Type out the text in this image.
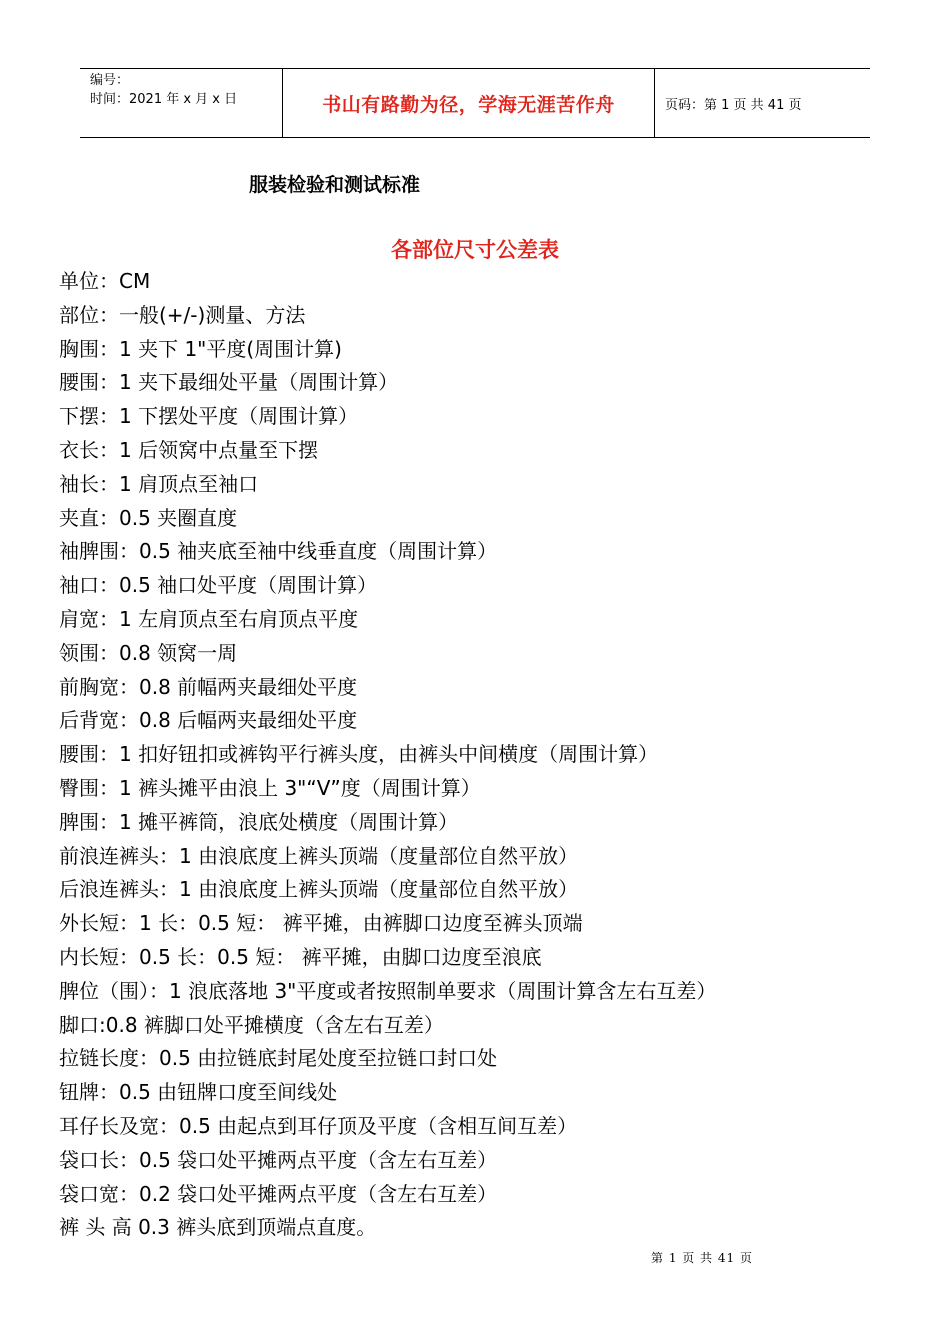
编号：
时间：2021 年 x 月 x 日	书山有路勤为径，学海无涯苦作舟	页码：第 1 页 共 41 页
服装检验和测试标准
各部位尺寸公差表
单位：CM
部位：一般(+/-)测量、方法
胸围：1 夹下 1"平度(周围计算)
腰围：1 夹下最细处平量（周围计算）
下摆：1 下摆处平度（周围计算）
衣长：1 后领窝中点量至下摆
袖长：1 肩顶点至袖口
夹直：0.5 夹圈直度
袖脾围：0.5 袖夹底至袖中线垂直度（周围计算）
袖口：0.5 袖口处平度（周围计算）
肩宽：1 左肩顶点至右肩顶点平度
领围：0.8 领窝一周
前胸宽：0.8 前幅两夹最细处平度
后背宽：0.8 后幅两夹最细处平度
腰围：1 扣好钮扣或裤钩平行裤头度，由裤头中间横度（周围计算）
臀围：1 裤头摊平由浪上 3"“V”度（周围计算）
脾围：1 摊平裤筒，浪底处横度（周围计算）
前浪连裤头：1 由浪底度上裤头顶端（度量部位自然平放）
后浪连裤头：1 由浪底度上裤头顶端（度量部位自然平放）
外长短：1 长：0.5 短： 裤平摊，由裤脚口边度至裤头顶端
内长短：0.5 长：0.5 短： 裤平摊，由脚口边度至浪底
脾位（围）：1 浪底落地 3"平度或者按照制单要求（周围计算含左右互差）
脚口:0.8 裤脚口处平摊横度（含左右互差）
拉链长度：0.5 由拉链底封尾处度至拉链口封口处
钮牌：0.5 由钮牌口度至间线处
耳仔长及宽：0.5 由起点到耳仔顶及平度（含相互间互差）
袋口长：0.5 袋口处平摊两点平度（含左右互差）
袋口宽：0.2 袋口处平摊两点平度（含左右互差）
裤 头 高 0.3 裤头底到顶端点直度。
第 1 页 共 41 页
